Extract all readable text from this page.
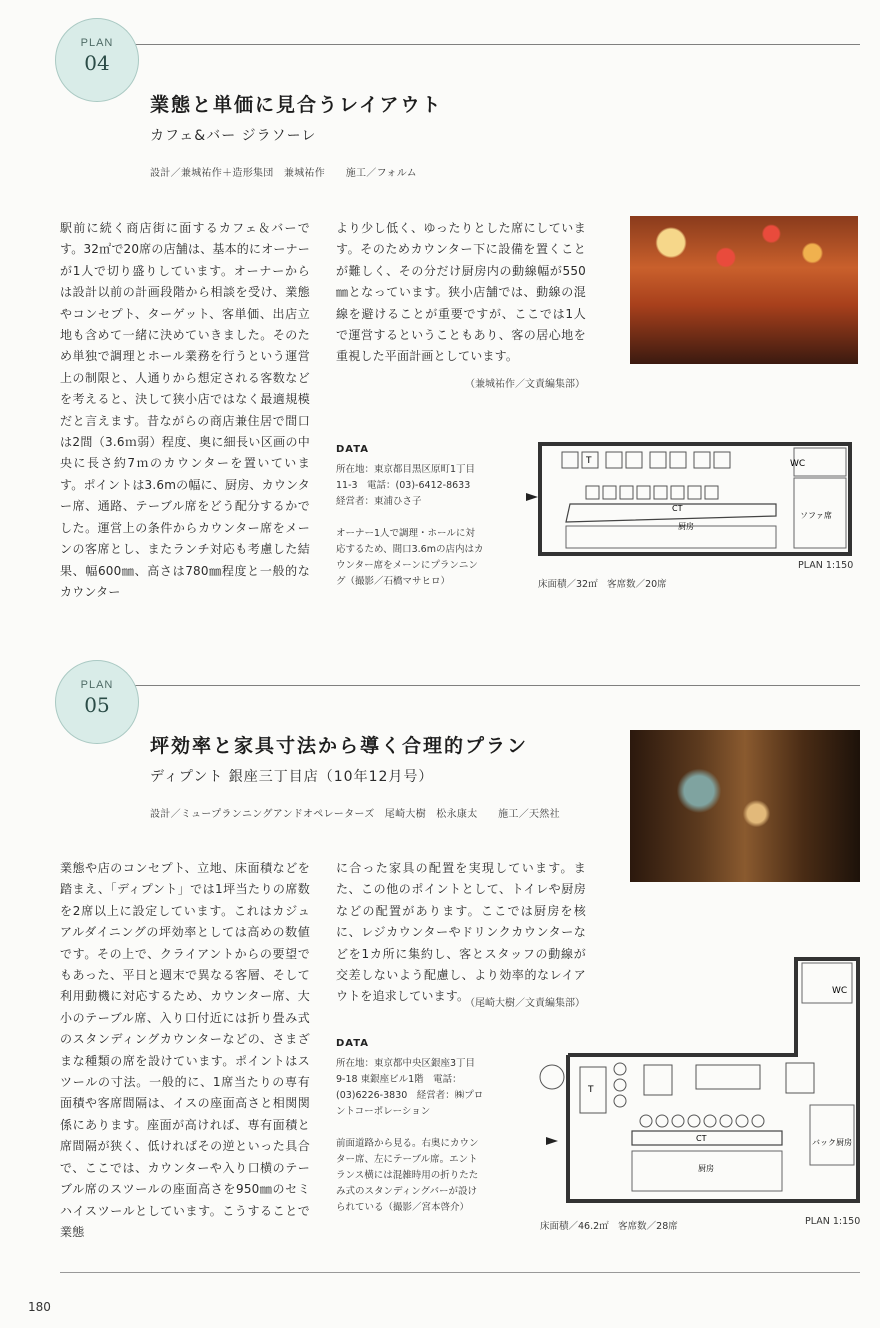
PLAN
04
業態と単価に見合うレイアウト
カフェ&バー ジラソーレ
設計／兼城祐作＋造形集団　兼城祐作　　施工／フォルム
駅前に続く商店街に面するカフェ＆バーです。32㎡で20席の店舗は、基本的にオーナーが1人で切り盛りしています。オーナーからは設計以前の計画段階から相談を受け、業態やコンセプト、ターゲット、客単価、出店立地も含めて一緒に決めていきました。そのため単独で調理とホール業務を行うという運営上の制限と、人通りから想定される客数などを考えると、決して狭小店ではなく最適規模だと言えます。昔ながらの商店兼住居で間口は2間（3.6ｍ弱）程度、奥に細長い区画の中央に長さ約7ｍのカウンターを置いています。ポイントは3.6mの幅に、厨房、カウンター席、通路、テーブル席をどう配分するかでした。運営上の条件からカウンター席をメーンの客席とし、またランチ対応も考慮した結果、幅600㎜、高さは780㎜程度と一般的なカウンター
より少し低く、ゆったりとした席にしています。そのためカウンター下に設備を置くことが難しく、その分だけ厨房内の動線幅が550㎜となっています。狭小店舗では、動線の混線を避けることが重要ですが、ここでは1人で運営するということもあり、客の居心地を重視した平面計画としています。
（兼城祐作／文責編集部）
DATA
所在地：東京都目黒区原町1丁目11-3　電話：(03)-6412-8633　経営者：東浦ひさ子
オーナー1人で調理・ホールに対応するため、間口3.6mの店内はカウンター席をメーンにプランニング（撮影／石橋マサヒロ）
T	WC
CT
厨房
ソファ席
床面積／32㎡　客席数／20席
PLAN 1:150
PLAN
05
坪効率と家具寸法から導く合理的プラン
ディプント 銀座三丁目店（10年12月号）
設計／ミュープランニングアンドオペレーターズ　尾崎大樹　松永康太　　施工／天然社
業態や店のコンセプト、立地、床面積などを踏まえ、「ディプント」では1坪当たりの席数を2席以上に設定しています。これはカジュアルダイニングの坪効率としては高めの数値です。その上で、クライアントからの要望でもあった、平日と週末で異なる客層、そして利用動機に対応するため、カウンター席、大小のテーブル席、入り口付近には折り畳み式のスタンディングカウンターなどの、さまざまな種類の席を設けています。ポイントはスツールの寸法。一般的に、1席当たりの専有面積や客席間隔は、イスの座面高さと相関関係にあります。座面が高ければ、専有面積と席間隔が狭く、低ければその逆といった具合で、ここでは、カウンターや入り口横のテーブル席のスツールの座面高さを950㎜のセミハイスツールとしています。こうすることで業態
に合った家具の配置を実現しています。また、この他のポイントとして、トイレや厨房などの配置があります。ここでは厨房を核に、レジカウンターやドリンクカウンターなどを1カ所に集約し、客とスタッフの動線が交差しないよう配慮し、より効率的なレイアウトを追求しています。
（尾崎大樹／文責編集部）
DATA
所在地：東京都中央区銀座3丁目9-18 東銀座ビル1階　電話：(03)6226-3830　経営者：㈱プロントコーポレーション
前面道路から見る。右奥にカウンター席、左にテーブル席。エントランス横には混雑時用の折りたたみ式のスタンディングバーが設けられている（撮影／宮本啓介）
T
WC
CT
厨房
バック厨房
床面積／46.2㎡　客席数／28席	PLAN 1:150
180
